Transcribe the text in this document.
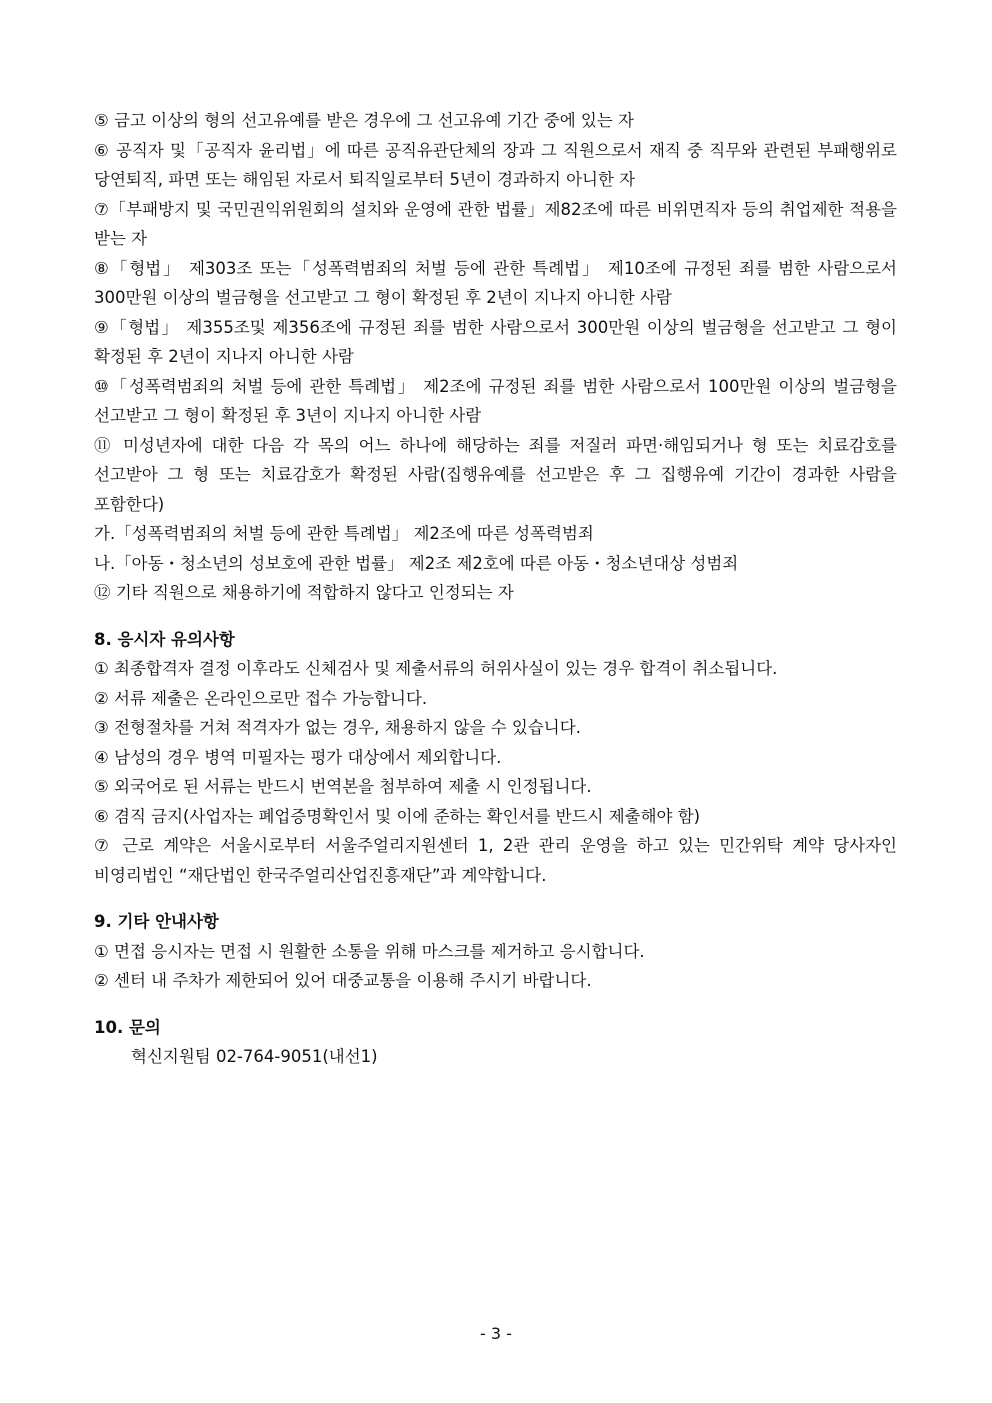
⑤ 금고 이상의 형의 선고유예를 받은 경우에 그 선고유예 기간 중에 있는 자

⑥ 공직자 및「공직자 윤리법」에 따른 공직유관단체의 장과 그 직원으로서 재직 중 직무와 관련된 부패행위로 당연퇴직, 파면 또는 해임된 자로서 퇴직일로부터 5년이 경과하지 아니한 자

⑦「부패방지 및 국민권익위원회의 설치와 운영에 관한 법률」제82조에 따른 비위면직자 등의 취업제한 적용을 받는 자

⑧「형법」 제303조 또는「성폭력범죄의 처벌 등에 관한 특례법」 제10조에 규정된 죄를 범한 사람으로서 300만원 이상의 벌금형을 선고받고 그 형이 확정된 후 2년이 지나지 아니한 사람

⑨「형법」 제355조및 제356조에 규정된 죄를 범한 사람으로서 300만원 이상의 벌금형을 선고받고 그 형이 확정된 후 2년이 지나지 아니한 사람

⑩「성폭력범죄의 처벌 등에 관한 특례법」 제2조에 규정된 죄를 범한 사람으로서 100만원 이상의 벌금형을 선고받고 그 형이 확정된 후 3년이 지나지 아니한 사람

⑪ 미성년자에 대한 다음 각 목의 어느 하나에 해당하는 죄를 저질러 파면·해임되거나 형 또는 치료감호를 선고받아 그 형 또는 치료감호가 확정된 사람(집행유예를 선고받은 후 그 집행유예 기간이 경과한 사람을 포함한다)

가.「성폭력범죄의 처벌 등에 관한 특례법」 제2조에 따른 성폭력범죄

나.「아동・청소년의 성보호에 관한 법률」 제2조 제2호에 따른 아동・청소년대상 성범죄

⑫ 기타 직원으로 채용하기에 적합하지 않다고 인정되는 자

8. 응시자 유의사항

① 최종합격자 결정 이후라도 신체검사 및 제출서류의 허위사실이 있는 경우 합격이 취소됩니다.

② 서류 제출은 온라인으로만 접수 가능합니다.

③ 전형절차를 거쳐 적격자가 없는 경우, 채용하지 않을 수 있습니다.

④ 남성의 경우 병역 미필자는 평가 대상에서 제외합니다.

⑤ 외국어로 된 서류는 반드시 번역본을 첨부하여 제출 시 인정됩니다.

⑥ 겸직 금지(사업자는 폐업증명확인서 및 이에 준하는 확인서를 반드시 제출해야 함)

⑦ 근로 계약은 서울시로부터 서울주얼리지원센터 1, 2관 관리 운영을 하고 있는 민간위탁 계약 당사자인 비영리법인 “재단법인 한국주얼리산업진흥재단”과 계약합니다.

9. 기타 안내사항

① 면접 응시자는 면접 시 원활한 소통을 위해 마스크를 제거하고 응시합니다.

② 센터 내 주차가 제한되어 있어 대중교통을 이용해 주시기 바랍니다.

10. 문의

혁신지원팀 02-764-9051(내선1)

- 3 -
